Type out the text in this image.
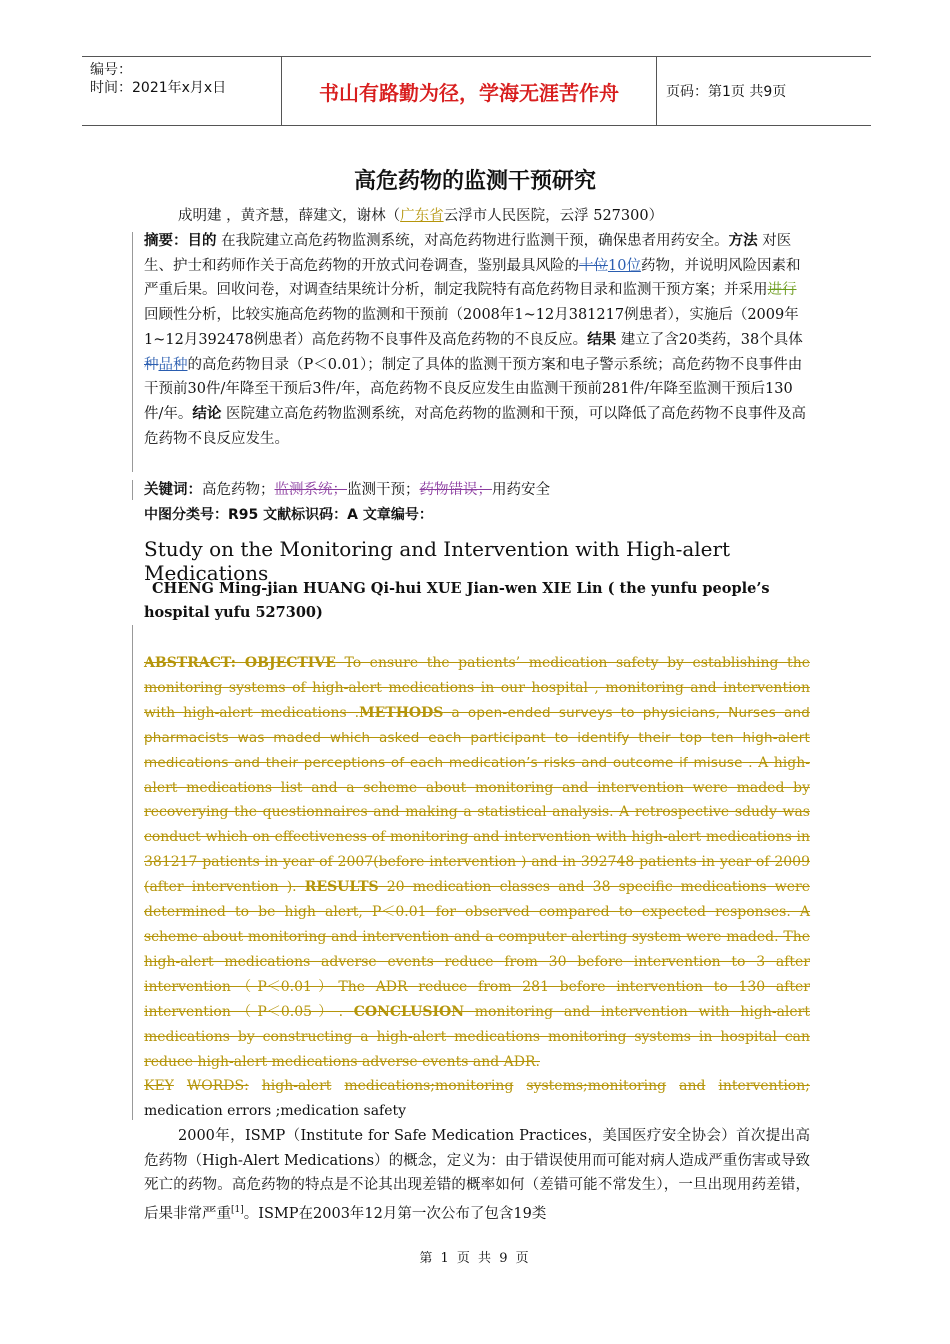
编号：
时间：2021年x月x日	书山有路勤为径，学海无涯苦作舟	页码：第1页 共9页
高危药物的监测干预研究
成明建 ，黄齐慧，薛建文，谢林（广东省云浮市人民医院，云浮 527300）
摘要：目的 在我院建立高危药物监测系统，对高危药物进行监测干预，确保患者用药安全。方法 对医生、护士和药师作关于高危药物的开放式问卷调查，鉴别最具风险的十位10位药物，并说明风险因素和严重后果。回收问卷，对调查结果统计分析，制定我院特有高危药物目录和监测干预方案；并采用进行回顾性分析，比较实施高危药物的监测和干预前（2008年1~12月381217例患者），实施后（2009年1~12月392478例患者）高危药物不良事件及高危药物的不良反应。结果 建立了含20类药，38个具体种品种的高危药物目录（P＜0.01）；制定了具体的监测干预方案和电子警示系统；高危药物不良事件由干预前30件/年降至干预后3件/年，高危药物不良反应发生由监测干预前281件/年降至监测干预后130件/年。结论 医院建立高危药物监测系统，对高危药物的监测和干预，可以降低了高危药物不良事件及高危药物不良反应发生。
关键词：高危药物；监测系统；监测干预；药物错误；用药安全
中图分类号：R95 文献标识码：A 文章编号：
Study on the Monitoring and Intervention with High-alert Medications
CHENG Ming-jian HUANG Qi-hui XUE Jian-wen XIE Lin ( the yunfu people’s hospital yufu 527300)
ABSTRACT: OBJECTIVE To ensure the patients’ medication safety by establishing the monitoring systems of high-alert medications in our hospital , monitoring and intervention with high-alert medications .METHODS a open-ended surveys to physicians, Nurses and pharmacists was maded which asked each participant to identify their top ten high-alert medications and their perceptions of each medication’s risks and outcome if misuse . A high-alert medications list and a scheme about monitoring and intervention were maded by recoverying the questionnaires and making a statistical analysis. A retrospective sdudy was conduct which on effectiveness of monitoring and intervention with high-alert medications in 381217 patients in year of 2007(before intervention ) and in 392748 patients in year of 2009 (after intervention ). RESULTS 20 medication classes and 38 specific medications were determined to be high alert, P＜0.01 for observed compared to expected responses. A scheme about monitoring and intervention and a computer alerting system were maded. The high-alert medications adverse events reduce from 30 before intervention to 3 after intervention（P＜0.01）The ADR reduce from 281 before intervention to 130 after intervention（P＜0.05）. CONCLUSION monitoring and intervention with high-alert medications by constructing a high-alert medications monitoring systems in hospital can reduce high-alert medications adverse events and ADR.
KEY WORDS: high-alert medications;monitoring systems;monitoring and intervention;
medication errors ;medication safety
2000年，ISMP（Institute for Safe Medication Practices，美国医疗安全协会）首次提出高危药物（High-Alert Medications）的概念，定义为：由于错误使用而可能对病人造成严重伤害或导致死亡的药物。高危药物的特点是不论其出现差错的概率如何（差错可能不常发生），一旦出现用药差错，后果非常严重[1]。ISMP在2003年12月第一次公布了包含19类
第 1 页 共 9 页
